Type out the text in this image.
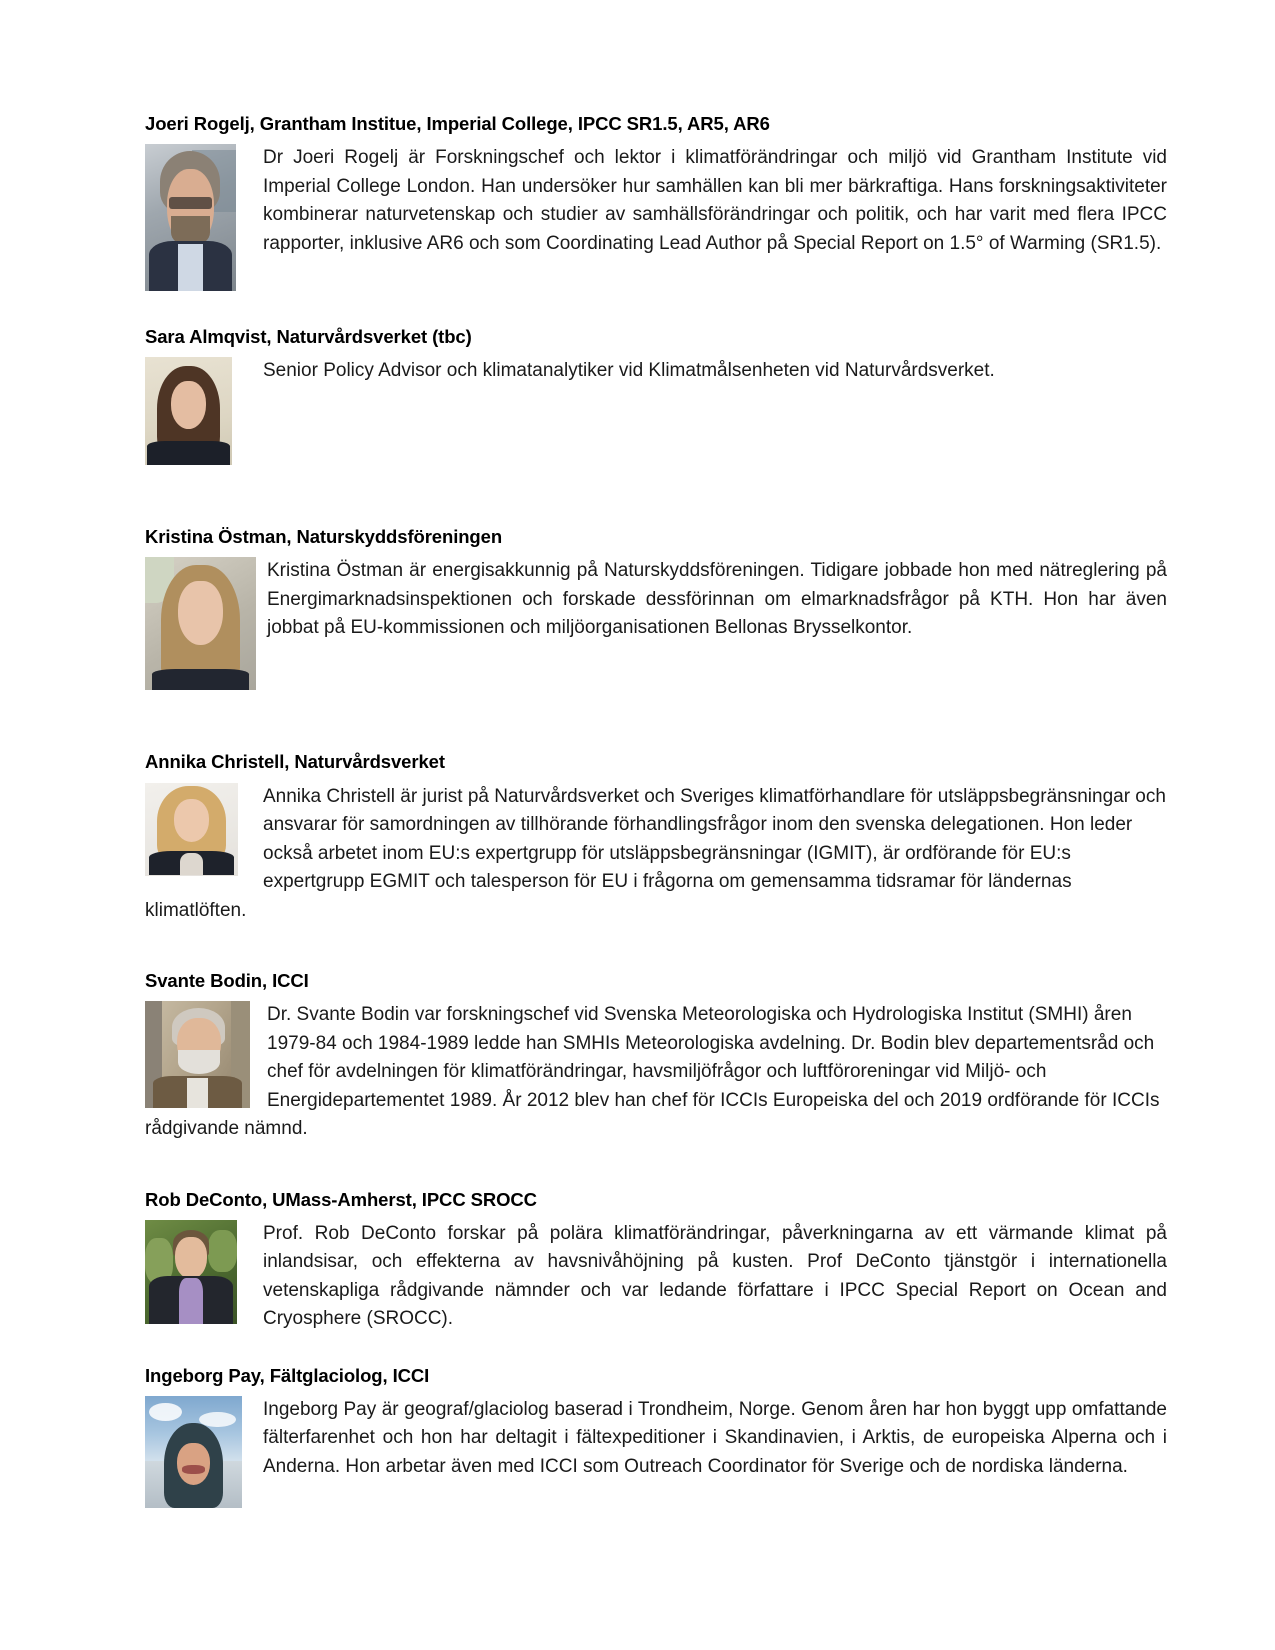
Joeri Rogelj, Grantham Institue, Imperial College, IPCC SR1.5, AR5, AR6
Dr Joeri Rogelj är Forskningschef och lektor i klimatförändringar och miljö vid Grantham Institute vid Imperial College London. Han undersöker hur samhällen kan bli mer bärkraftiga. Hans forskningsaktiviteter kombinerar naturvetenskap och studier av samhällsförändringar och politik, och har varit med flera IPCC rapporter, inklusive AR6 och som Coordinating Lead Author på Special Report on 1.5° of Warming (SR1.5).
Sara Almqvist, Naturvårdsverket (tbc)
Senior Policy Advisor och klimatanalytiker vid Klimatmålsenheten vid Naturvårdsverket.
Kristina Östman, Naturskyddsföreningen
Kristina Östman är energisakkunnig på Naturskyddsföreningen. Tidigare jobbade hon med nätreglering på Energimarknadsinspektionen och forskade dessförinnan om elmarknadsfrågor på KTH. Hon har även jobbat på EU-kommissionen och miljöorganisationen Bellonas Brysselkontor.
Annika Christell, Naturvårdsverket
Annika Christell är jurist på Naturvårdsverket och Sveriges klimatförhandlare för utsläppsbegränsningar och ansvarar för samordningen av tillhörande förhandlingsfrågor inom den svenska delegationen. Hon leder också arbetet inom EU:s expertgrupp för utsläppsbegränsningar (IGMIT), är ordförande för EU:s expertgrupp EGMIT och talesperson för EU i frågorna om gemensamma tidsramar för ländernas klimatlöften.
Svante Bodin, ICCI
Dr. Svante Bodin var forskningschef vid Svenska Meteorologiska och Hydrologiska Institut (SMHI) åren 1979-84 och 1984-1989 ledde han SMHIs Meteorologiska avdelning. Dr. Bodin blev departementsråd och chef för avdelningen för klimatförändringar, havsmiljöfrågor och luftföroreningar vid Miljö- och Energidepartementet 1989. År 2012 blev han chef för ICCIs Europeiska del och 2019 ordförande för ICCIs rådgivande nämnd.
Rob DeConto, UMass-Amherst, IPCC SROCC
Prof. Rob DeConto forskar på polära klimatförändringar, påverkningarna av ett värmande klimat på inlandsisar, och effekterna av havsnivåhöjning på kusten. Prof DeConto tjänstgör i internationella vetenskapliga rådgivande nämnder och var ledande författare i IPCC Special Report on Ocean and Cryosphere (SROCC).
Ingeborg Pay, Fältglaciolog, ICCI
Ingeborg Pay är geograf/glaciolog baserad i Trondheim, Norge. Genom åren har hon byggt upp omfattande fälterfarenhet och hon har deltagit i fältexpeditioner i Skandinavien, i Arktis, de europeiska Alperna och i Anderna. Hon arbetar även med ICCI som Outreach Coordinator för Sverige och de nordiska länderna.
